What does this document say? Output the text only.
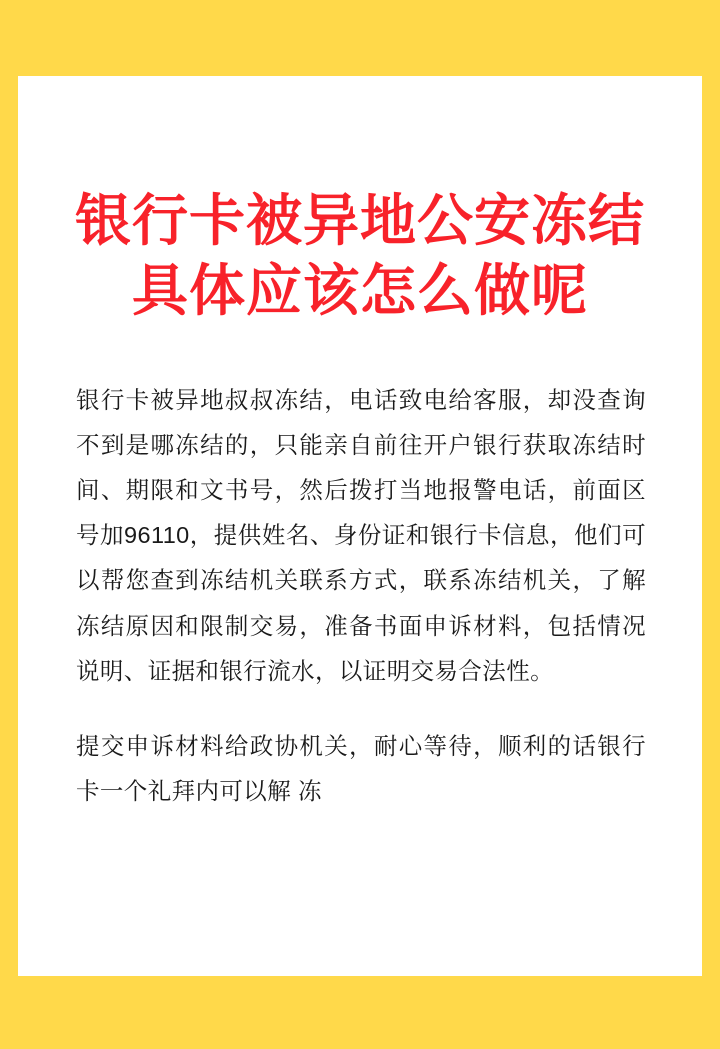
银行卡被异地公安冻结
具体应该怎么做呢

银行卡被异地叔叔冻结，电话致电给客服，却没查询不到是哪冻结的，只能亲自前往开户银行获取冻结时间、期限和文书号，然后拨打当地报警电话，前面区号加96110，提供姓名、身份证和银行卡信息，他们可以帮您查到冻结机关联系方式，联系冻结机关，了解冻结原因和限制交易，准备书面申诉材料，包括情况说明、证据和银行流水，以证明交易合法性。

提交申诉材料给政协机关，耐心等待，顺利的话银行卡一个礼拜内可以解 冻
